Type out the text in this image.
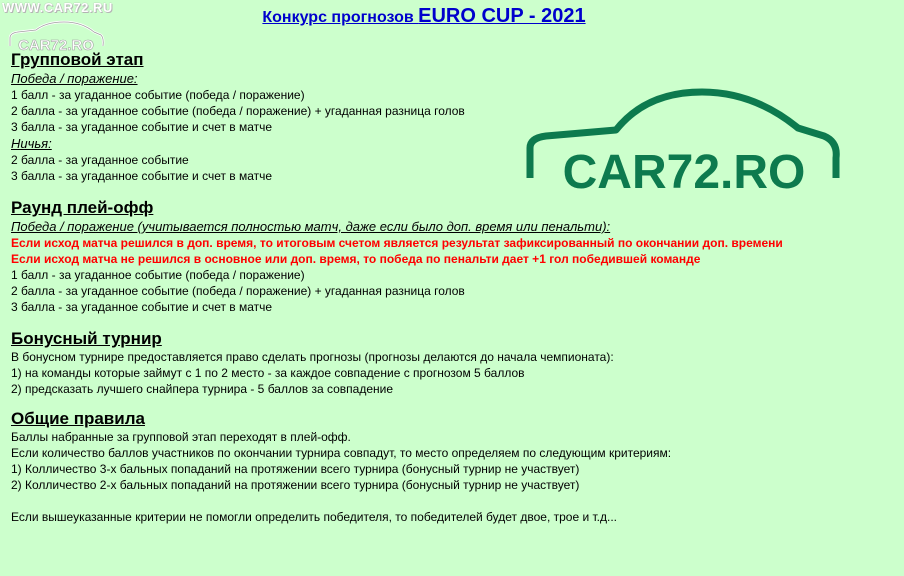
WWW.CAR72.RU
CAR72.RO
Конкурс прогнозов EURO CUP - 2021
CAR72.RO
Групповой этап
Победа / поражение:
1 балл - за угаданное событие (победа / поражение)
2 балла - за угаданное событие (победа / поражение) + угаданная разница голов
3 балла - за угаданное событие и счет в матче
Ничья:
2 балла - за угаданное событие
3 балла - за угаданное событие и счет в матче
Раунд плей-офф
Победа / поражение (учитывается полностью матч, даже если было доп. время или пенальти):
Если исход матча решился в доп. время, то итоговым счетом является результат зафиксированный по окончании доп. времени
Если исход матча не решился в основное или доп. время, то победа по пенальти дает +1 гол победившей команде
1 балл - за угаданное событие (победа / поражение)
2 балла - за угаданное событие (победа / поражение) + угаданная разница голов
3 балла - за угаданное событие и счет в матче
Бонусный турнир
В бонусном турнире предоставляется право сделать прогнозы (прогнозы делаются до начала чемпионата):
1) на команды которые займут с 1 по 2 место - за каждое совпадение с прогнозом 5 баллов
2) предсказать лучшего снайпера турнира - 5 баллов за совпадение
Общие правила
Баллы набранные за групповой этап переходят в плей-офф.
Если количество баллов участников по окончании турнира совпадут, то место определяем по следующим критериям:
1) Колличество 3-х бальных попаданий на протяжении всего турнира (бонусный турнир не участвует)
2) Колличество 2-х бальных попаданий на протяжении всего турнира (бонусный турнир не участвует)
Если вышеуказанные критерии не помогли определить победителя, то победителей будет двое, трое и т.д...
